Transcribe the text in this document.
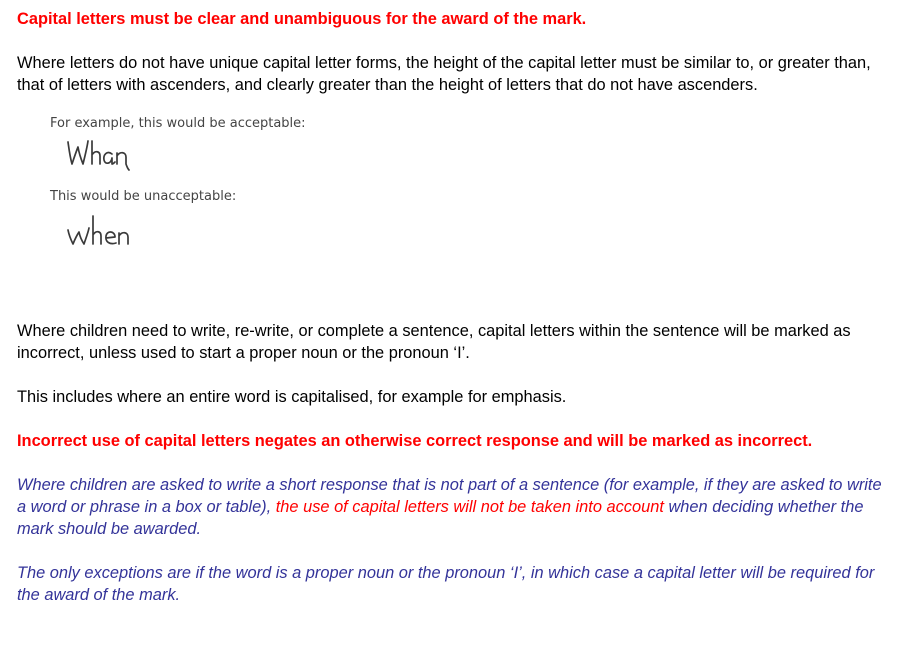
Capital letters must be clear and unambiguous for the award of the mark.

Where letters do not have unique capital letter forms, the height of the capital letter must be similar to, or greater than, that of letters with ascenders, and clearly greater than the height of letters that do not have ascenders.

For example, this would be acceptable:
This would be unacceptable:

Where children need to write, re-write, or complete a sentence, capital letters within the sentence will be marked as incorrect, unless used to start a proper noun or the pronoun ‘I’.

This includes where an entire word is capitalised, for example for emphasis.

Incorrect use of capital letters negates an otherwise correct response and will be marked as incorrect.

Where children are asked to write a short response that is not part of a sentence (for example, if they are asked to write a word or phrase in a box or table), the use of capital letters will not be taken into account when deciding whether the mark should be awarded.

The only exceptions are if the word is a proper noun or the pronoun ‘I’, in which case a capital letter will be required for the award of the mark.
